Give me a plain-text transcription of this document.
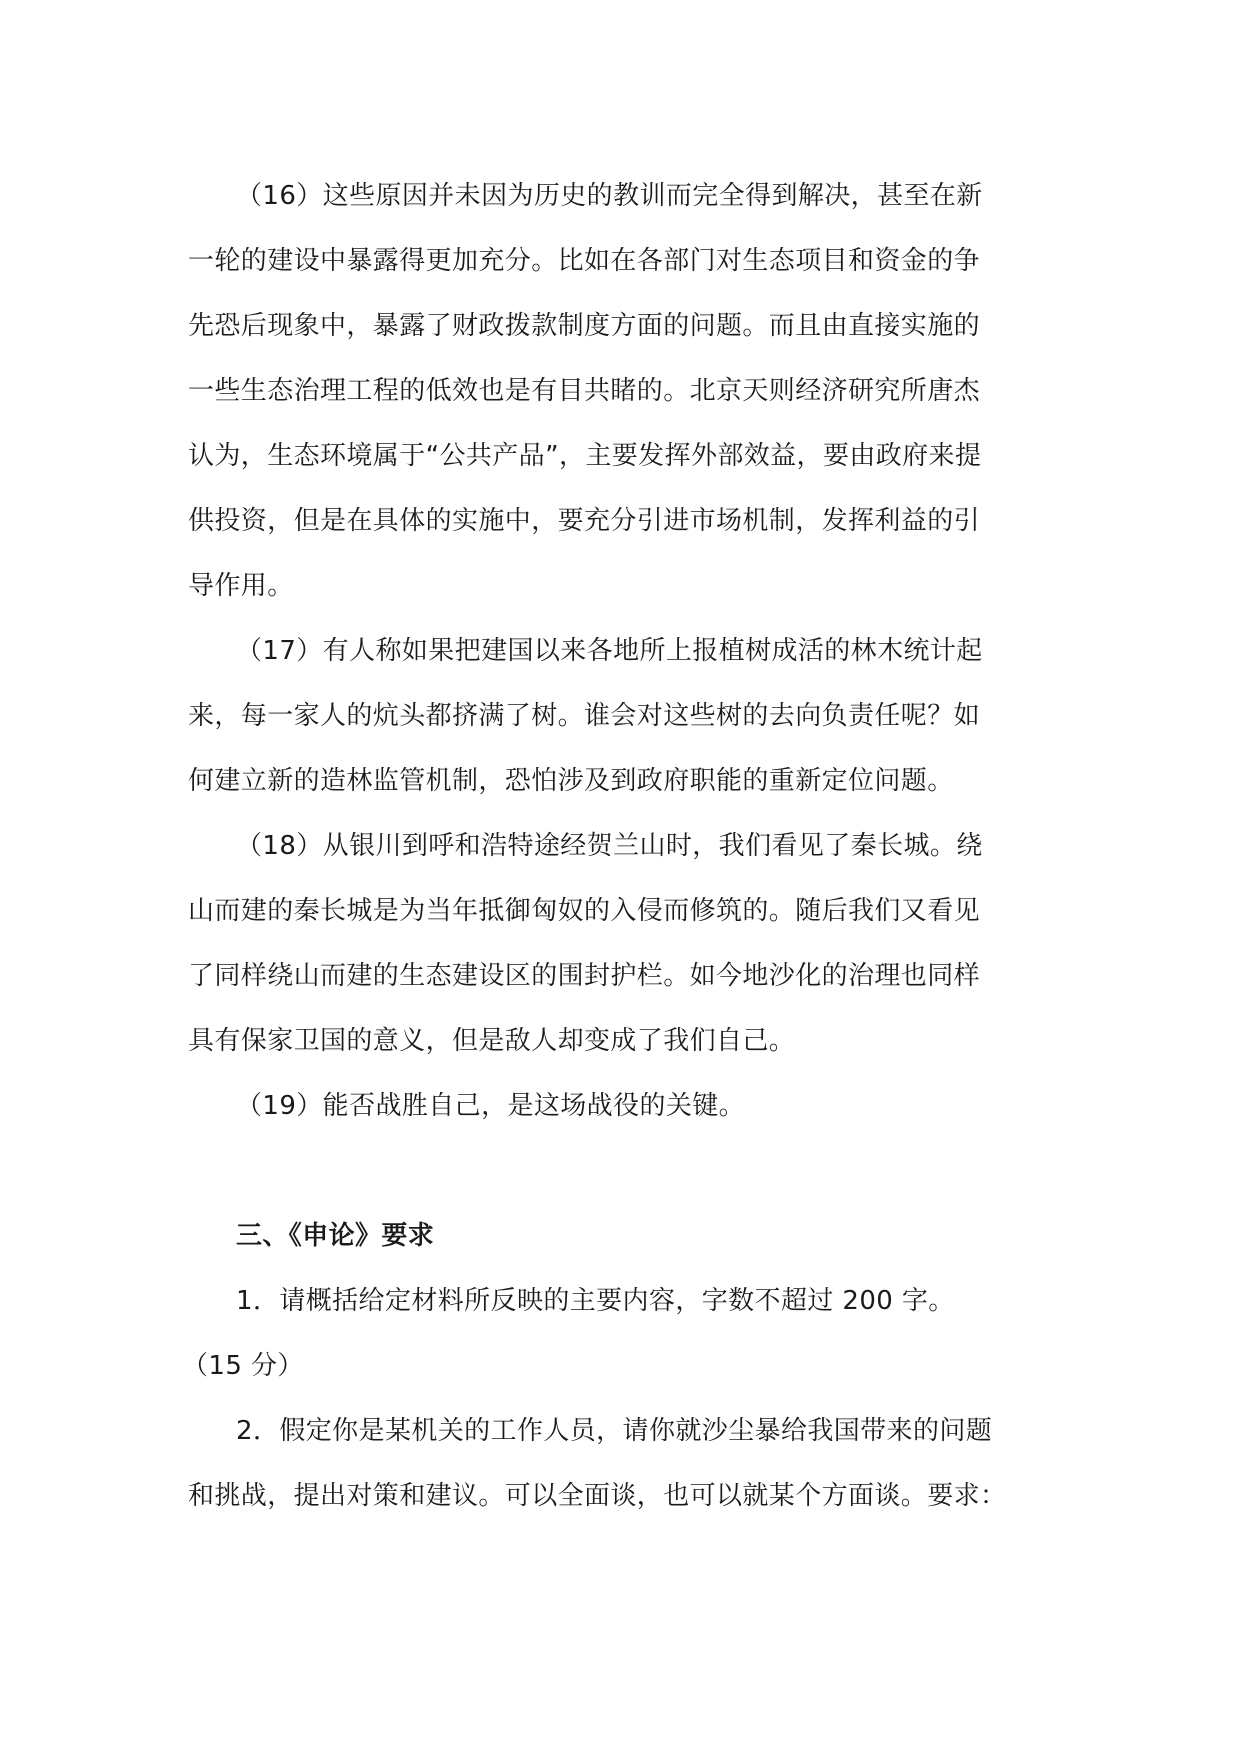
（16）这些原因并未因为历史的教训而完全得到解决，甚至在新
一轮的建设中暴露得更加充分。比如在各部门对生态项目和资金的争
先恐后现象中，暴露了财政拨款制度方面的问题。而且由直接实施的
一些生态治理工程的低效也是有目共睹的。北京天则经济研究所唐杰
认为，生态环境属于“公共产品”，主要发挥外部效益，要由政府来提
供投资，但是在具体的实施中，要充分引进市场机制，发挥利益的引
导作用。
（17）有人称如果把建国以来各地所上报植树成活的林木统计起
来，每一家人的炕头都挤满了树。谁会对这些树的去向负责任呢？如
何建立新的造林监管机制，恐怕涉及到政府职能的重新定位问题。
（18）从银川到呼和浩特途经贺兰山时，我们看见了秦长城。绕
山而建的秦长城是为当年抵御匈奴的入侵而修筑的。随后我们又看见
了同样绕山而建的生态建设区的围封护栏。如今地沙化的治理也同样
具有保家卫国的意义，但是敌人却变成了我们自己。
（19）能否战胜自己，是这场战役的关键。
三、《申论》要求
1．请概括给定材料所反映的主要内容，字数不超过 200 字。
（15 分）
2．假定你是某机关的工作人员，请你就沙尘暴给我国带来的问题
和挑战，提出对策和建议。可以全面谈，也可以就某个方面谈。要求：
